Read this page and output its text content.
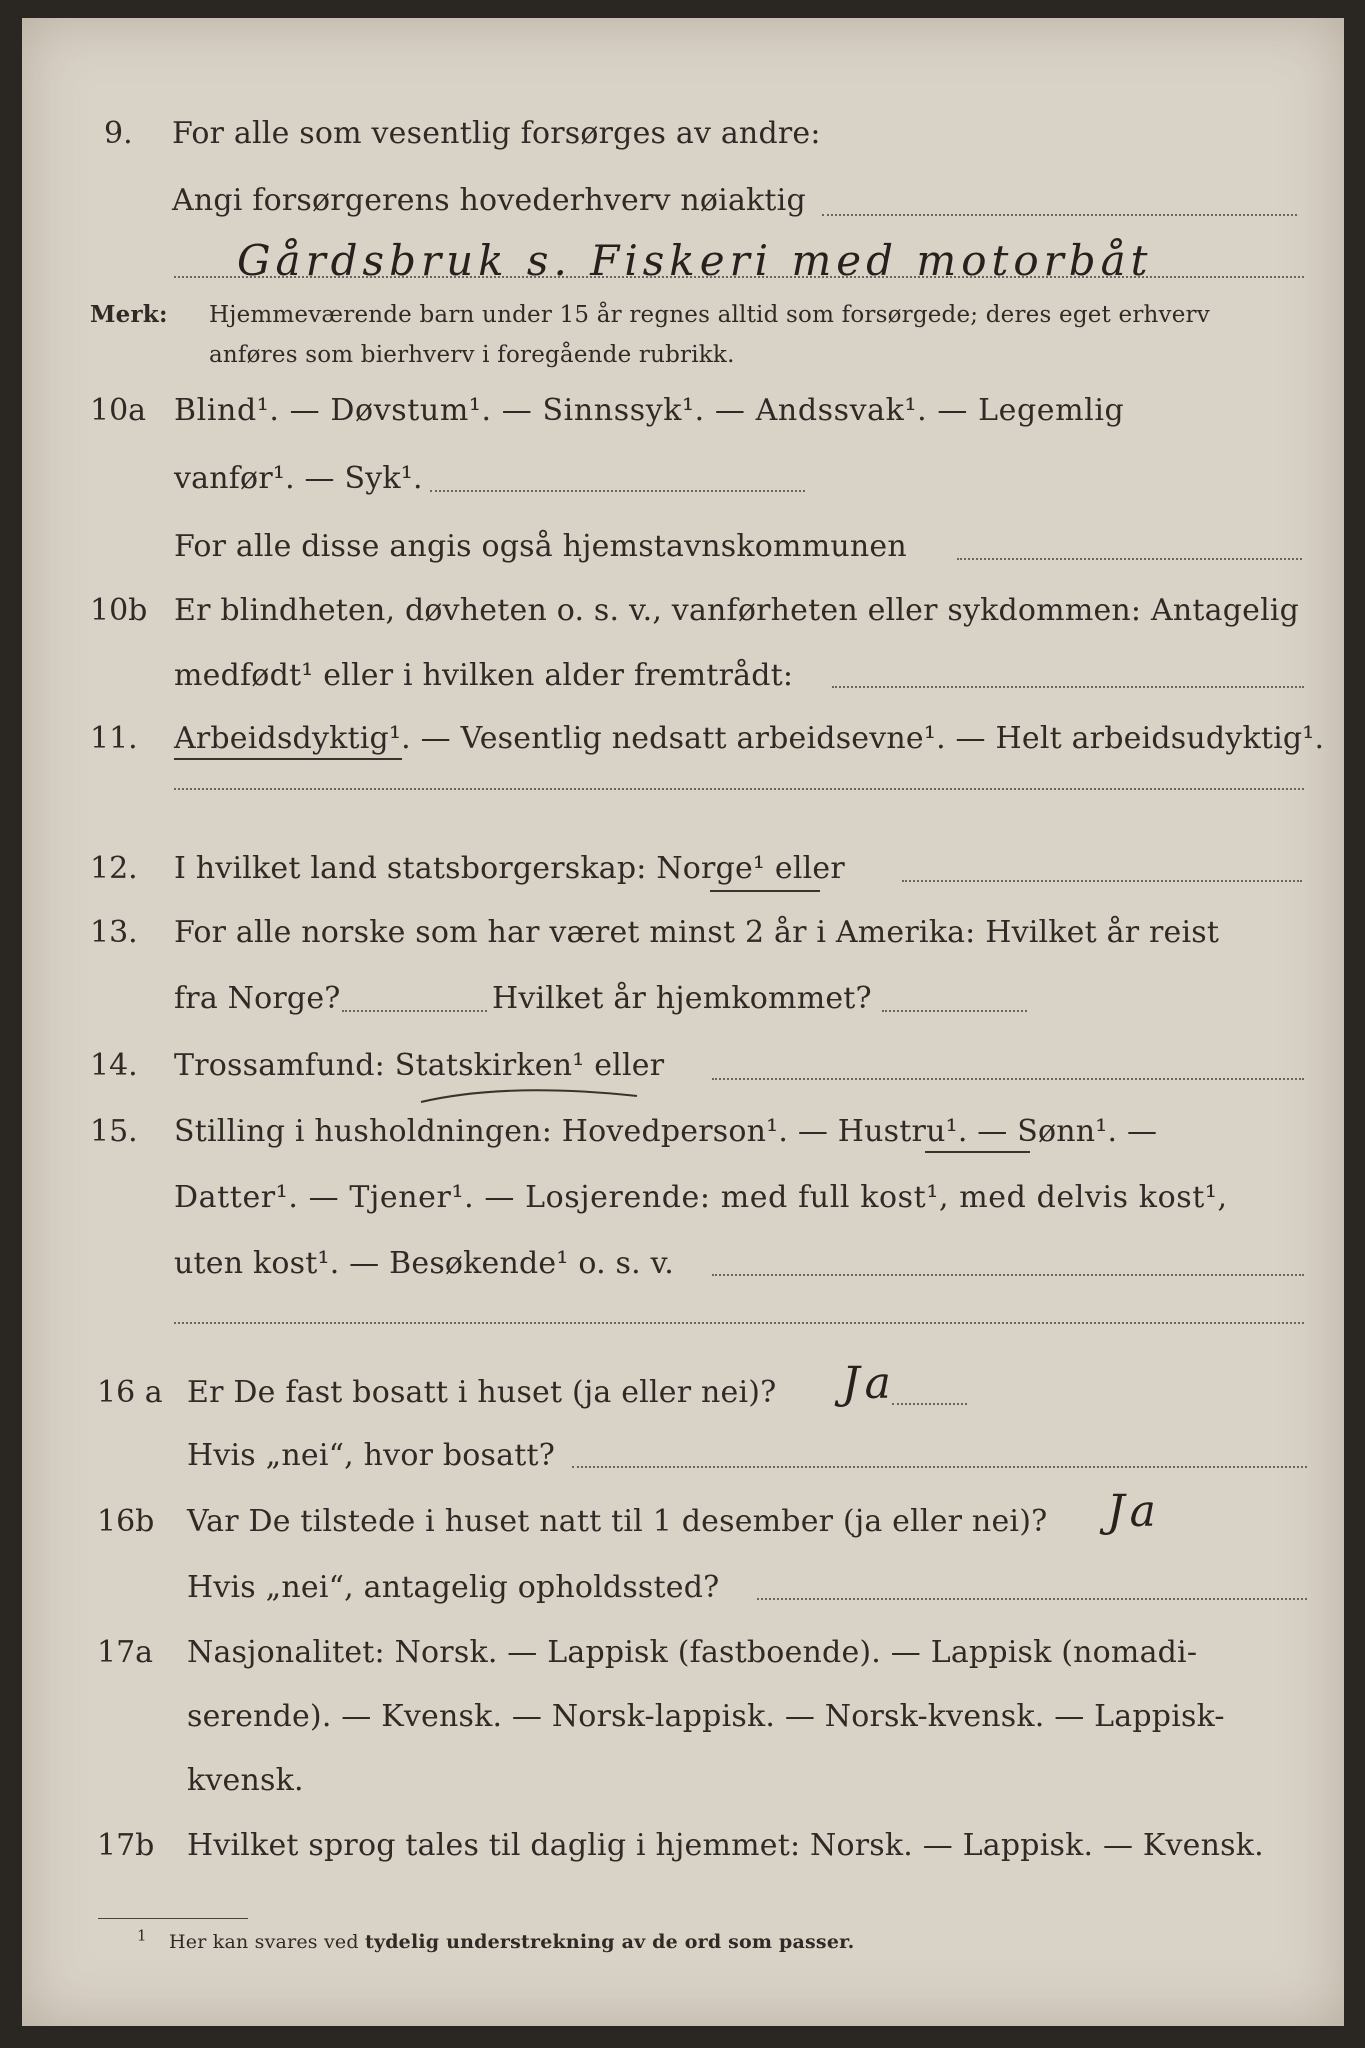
9. For alle som vesentlig forsørges av andre:
Angi forsørgerens hovederhverv nøiaktig
Gårdsbruk s. Fiskeri med motorbåt
Merk: Hjemmeværende barn under 15 år regnes alltid som forsørgede; deres eget erhverv
anføres som bierhverv i foregående rubrikk.
10a Blind¹. — Døvstum¹. — Sinnssyk¹. — Andssvak¹. — Legemlig
vanfør¹. — Syk¹.
For alle disse angis også hjemstavnskommunen
10b Er blindheten, døvheten o. s. v., vanførheten eller sykdommen: Antagelig
medfødt¹ eller i hvilken alder fremtrådt:
11. Arbeidsdyktig¹. — Vesentlig nedsatt arbeidsevne¹. — Helt arbeidsudyktig¹.
12. I hvilket land statsborgerskap: Norge¹ eller
13. For alle norske som har været minst 2 år i Amerika: Hvilket år reist
fra Norge?	Hvilket år hjemkommet?
14. Trossamfund: Statskirken¹ eller
15. Stilling i husholdningen: Hovedperson¹. — Hustru¹. — Sønn¹. —
Datter¹. — Tjener¹. — Losjerende: med full kost¹, med delvis kost¹,
uten kost¹. — Besøkende¹ o. s. v.
16 a Er De fast bosatt i huset (ja eller nei)? Ja
Hvis „nei“, hvor bosatt?
16b Var De tilstede i huset natt til 1 desember (ja eller nei)? Ja
Hvis „nei“, antagelig opholdssted?
17a Nasjonalitet: Norsk. — Lappisk (fastboende). — Lappisk (nomadi-
serende). — Kvensk. — Norsk-lappisk. — Norsk-kvensk. — Lappisk-
kvensk.
17b Hvilket sprog tales til daglig i hjemmet: Norsk. — Lappisk. — Kvensk.
$^1$ Her kan svares ved tydelig understrekning av de ord som passer.
